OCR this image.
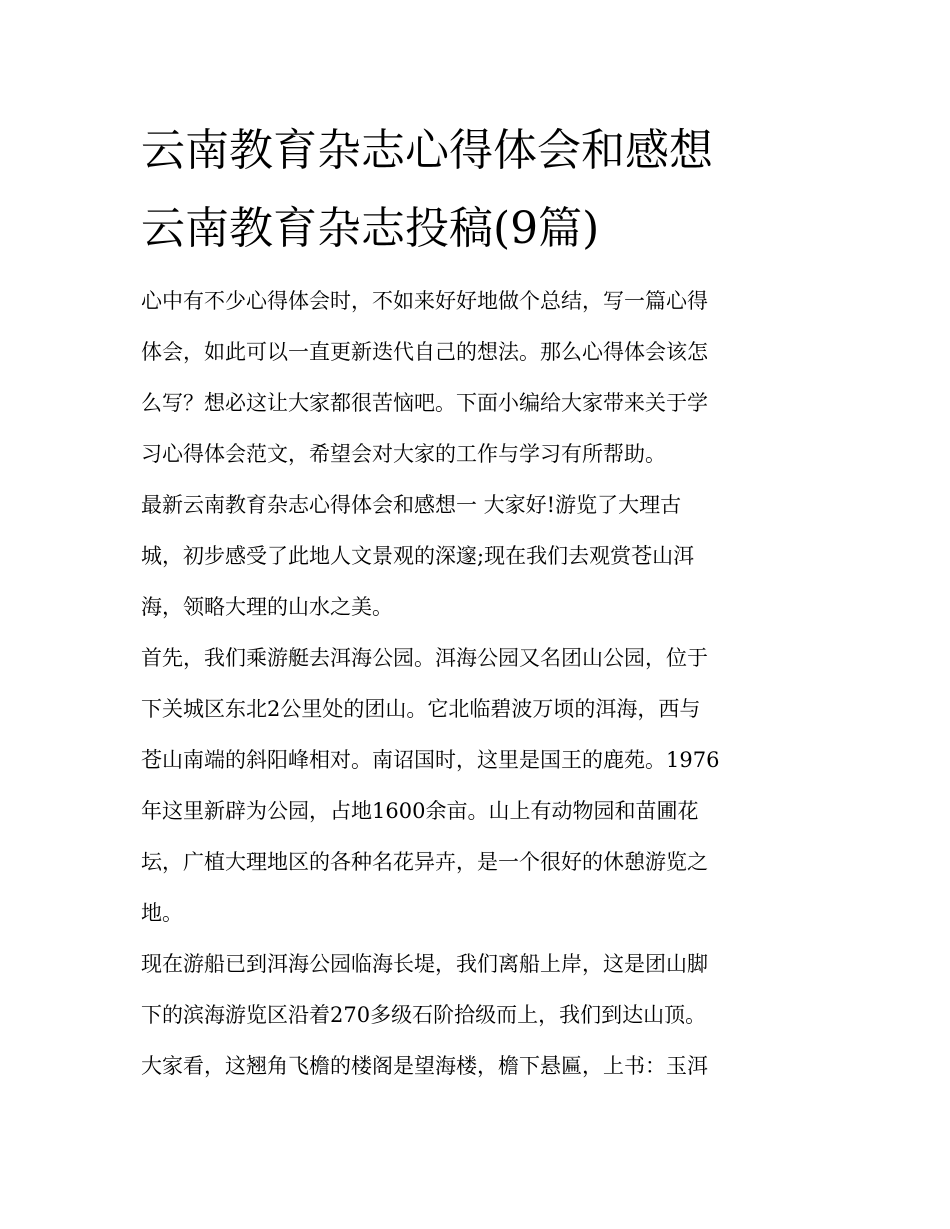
云南教育杂志心得体会和感想
云南教育杂志投稿(9篇)

心中有不少心得体会时，不如来好好地做个总结，写一篇心得
体会，如此可以一直更新迭代自己的想法。那么心得体会该怎
么写？想必这让大家都很苦恼吧。下面小编给大家带来关于学
习心得体会范文，希望会对大家的工作与学习有所帮助。

最新云南教育杂志心得体会和感想一 大家好!游览了大理古
城，初步感受了此地人文景观的深邃;现在我们去观赏苍山洱
海，领略大理的山水之美。

首先，我们乘游艇去洱海公园。洱海公园又名团山公园，位于
下关城区东北2公里处的团山。它北临碧波万顷的洱海，西与
苍山南端的斜阳峰相对。南诏国时，这里是国王的鹿苑。1976
年这里新辟为公园，占地1600余亩。山上有动物园和苗圃花
坛，广植大理地区的各种名花异卉，是一个很好的休憩游览之
地。

现在游船已到洱海公园临海长堤，我们离船上岸，这是团山脚
下的滨海游览区沿着270多级石阶拾级而上，我们到达山顶。
大家看，这翘角飞檐的楼阁是望海楼，檐下悬匾，上书：玉洱
